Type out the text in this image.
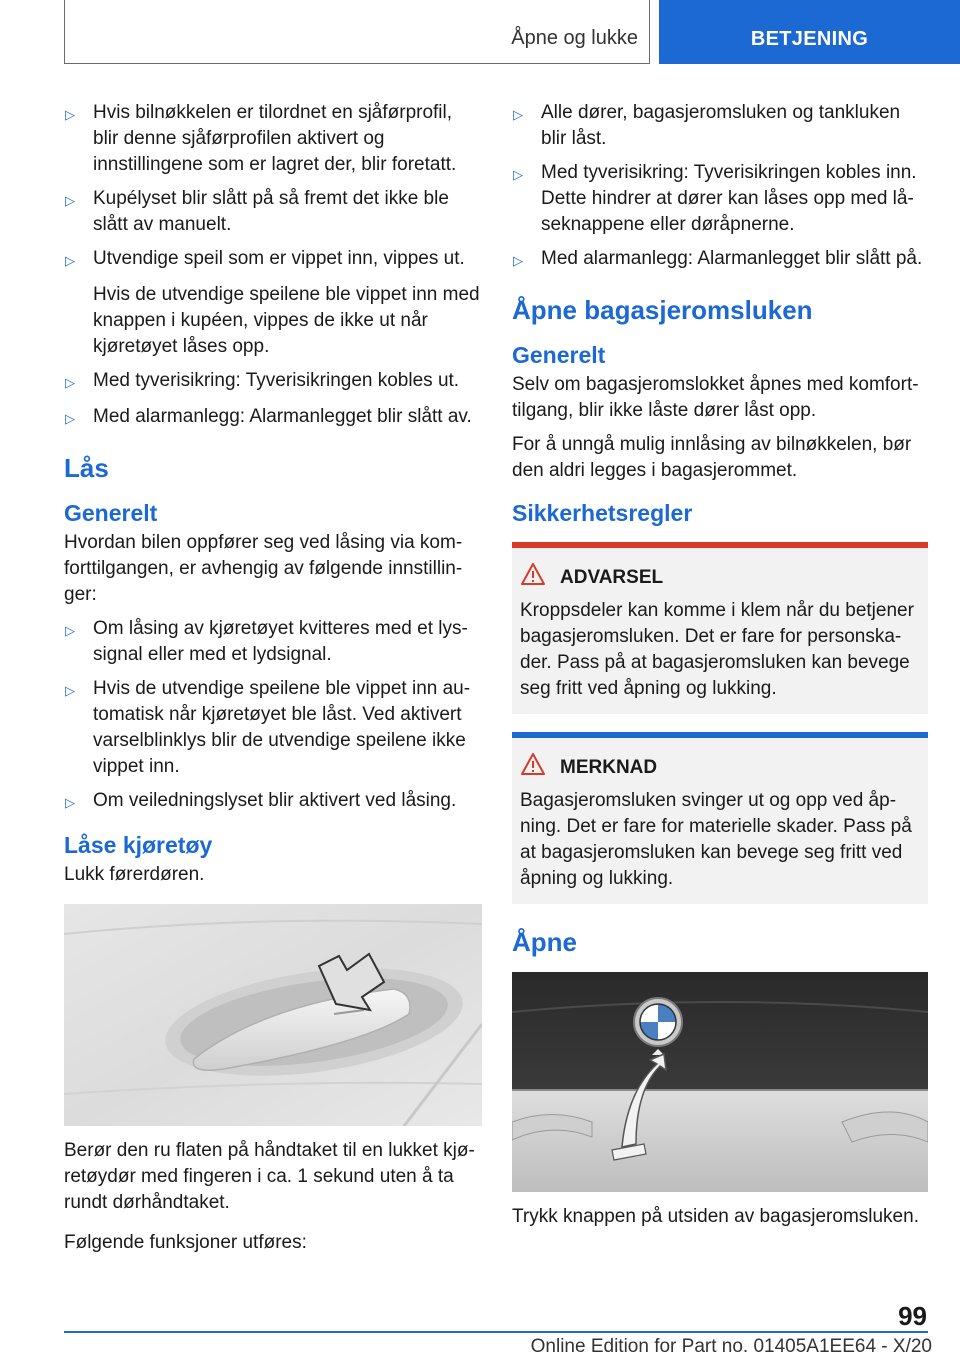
Åpne og lukke	BETJENING
▷ Hvis bilnøkkelen er tilordnet en sjåførprofil, blir denne sjåførprofilen aktivert og innstillingene som er lagret der, blir foretatt.
▷ Kupélyset blir slått på så fremt det ikke ble slått av manuelt.
▷ Utvendige speil som er vippet inn, vippes ut.
Hvis de utvendige speilene ble vippet inn med knappen i kupéen, vippes de ikke ut når kjøretøyet låses opp.
▷ Med tyverisikring: Tyverisikringen kobles ut.
▷ Med alarmanlegg: Alarmanlegget blir slått av.
Lås
Generelt
Hvordan bilen oppfører seg ved låsing via komforttilgangen, er avhengig av følgende innstillinger:
▷ Om låsing av kjøretøyet kvitteres med et lyssignal eller med et lydsignal.
▷ Hvis de utvendige speilene ble vippet inn automatisk når kjøretøyet ble låst. Ved aktivert varselblinklys blir de utvendige speilene ikke vippet inn.
▷ Om veiledningslyset blir aktivert ved låsing.
Låse kjøretøy
Lukk førerdøren.
Berør den ru flaten på håndtaket til en lukket kjøretøydør med fingeren i ca. 1 sekund uten å ta rundt dørhåndtaket.
Følgende funksjoner utføres:
▷ Alle dører, bagasjeromsluken og tankluken blir låst.
▷ Med tyverisikring: Tyverisikringen kobles inn. Dette hindrer at dører kan låses opp med låseknappene eller døråpnerne.
▷ Med alarmanlegg: Alarmanlegget blir slått på.
Åpne bagasjeromsluken
Generelt
Selv om bagasjeromslokket åpnes med komforttilgang, blir ikke låste dører låst opp.
For å unngå mulig innlåsing av bilnøkkelen, bør den aldri legges i bagasjerommet.
Sikkerhetsregler
ADVARSEL
Kroppsdeler kan komme i klem når du betjener bagasjeromsluken. Det er fare for personskader. Pass på at bagasjeromsluken kan bevege seg fritt ved åpning og lukking.
MERKNAD
Bagasjeromsluken svinger ut og opp ved åpning. Det er fare for materielle skader. Pass på at bagasjeromsluken kan bevege seg fritt ved åpning og lukking.
Åpne
Trykk knappen på utsiden av bagasjeromsluken.
99
Online Edition for Part no. 01405A1EE64 - X/20
